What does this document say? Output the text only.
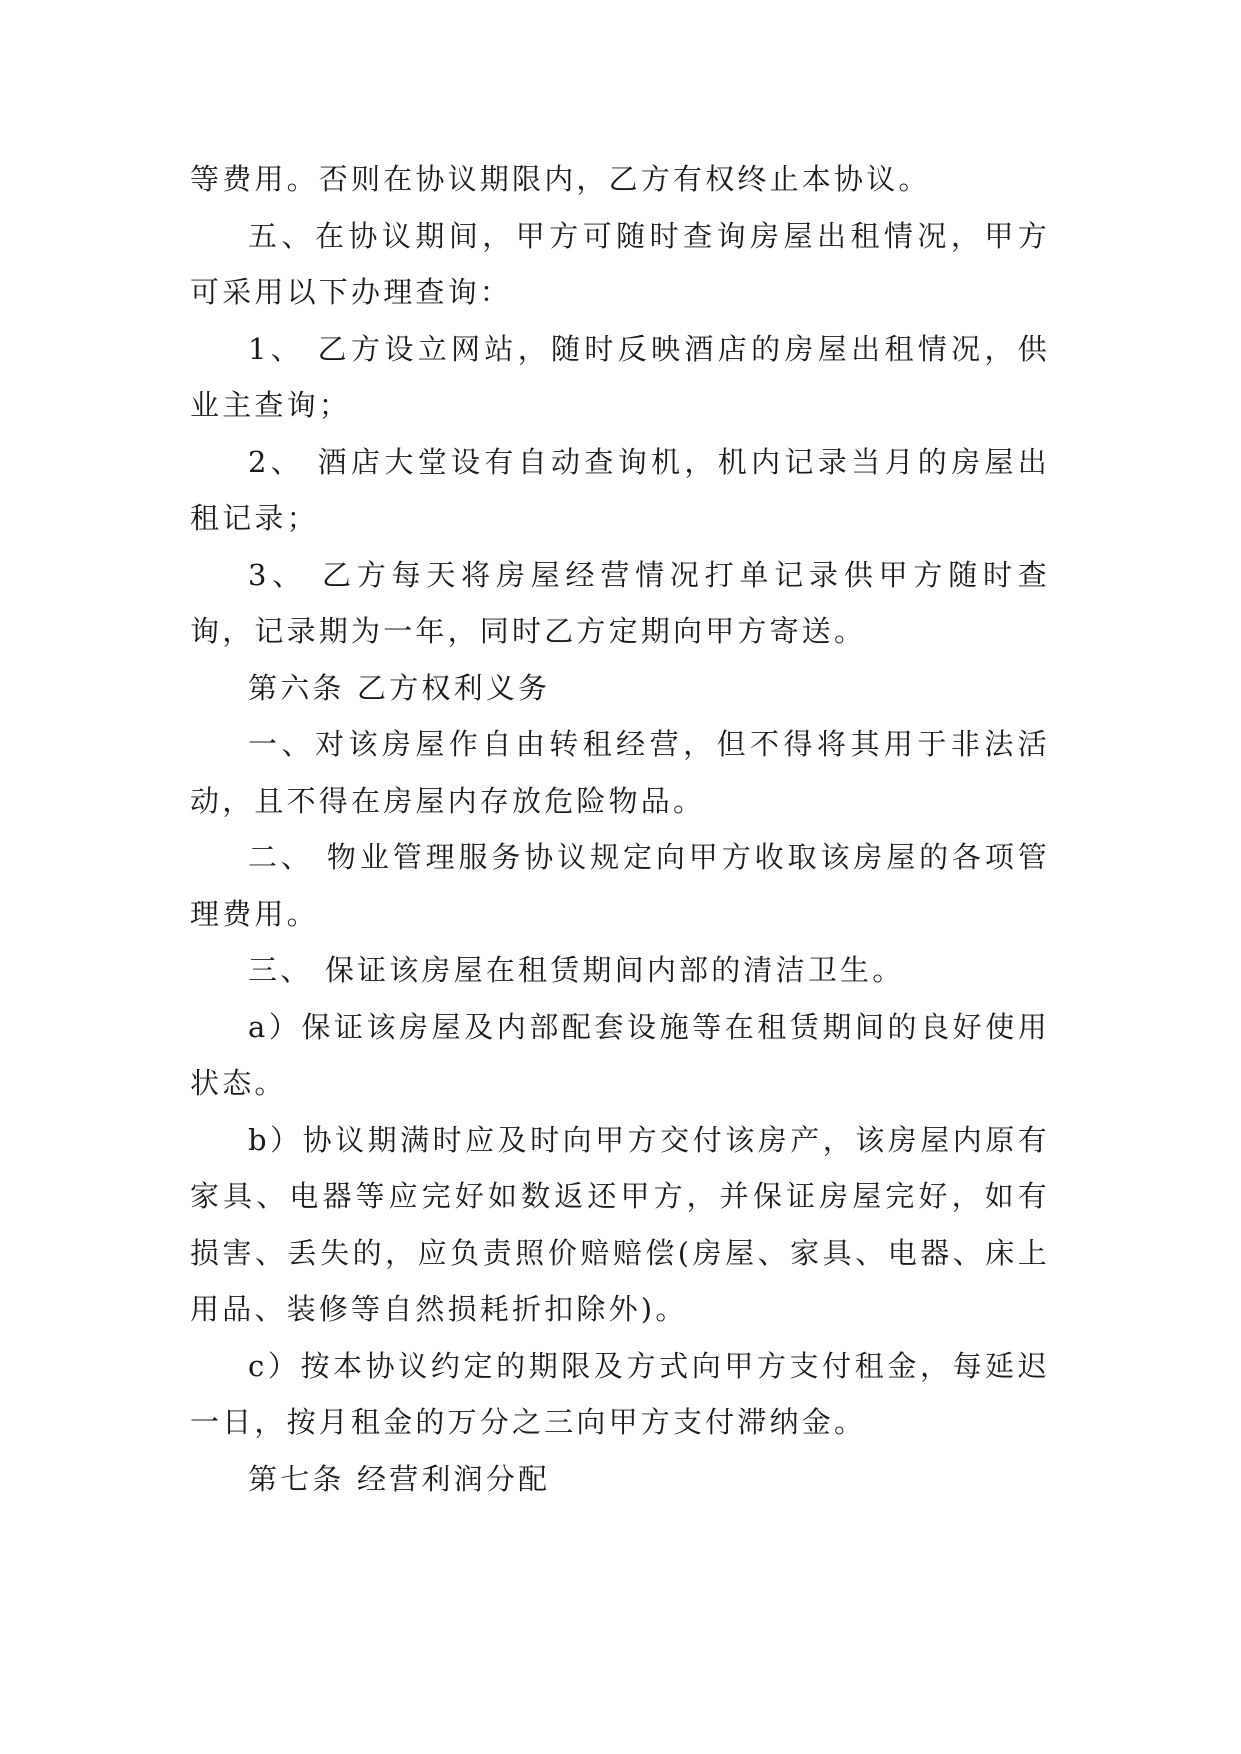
等费用。否则在协议期限内，乙方有权终止本协议。

五、在协议期间，甲方可随时查询房屋出租情况，甲方可采用以下办理查询：

1、 乙方设立网站，随时反映酒店的房屋出租情况，供业主查询；

2、 酒店大堂设有自动查询机，机内记录当月的房屋出租记录；

3、 乙方每天将房屋经营情况打单记录供甲方随时查询，记录期为一年，同时乙方定期向甲方寄送。

第六条 乙方权利义务

一、对该房屋作自由转租经营，但不得将其用于非法活动，且不得在房屋内存放危险物品。

二、 物业管理服务协议规定向甲方收取该房屋的各项管理费用。

三、 保证该房屋在租赁期间内部的清洁卫生。

a）保证该房屋及内部配套设施等在租赁期间的良好使用状态。

b）协议期满时应及时向甲方交付该房产，该房屋内原有家具、电器等应完好如数返还甲方，并保证房屋完好，如有损害、丢失的，应负责照价赔赔偿(房屋、家具、电器、床上用品、装修等自然损耗折扣除外)。

c）按本协议约定的期限及方式向甲方支付租金，每延迟一日，按月租金的万分之三向甲方支付滞纳金。

第七条 经营利润分配
